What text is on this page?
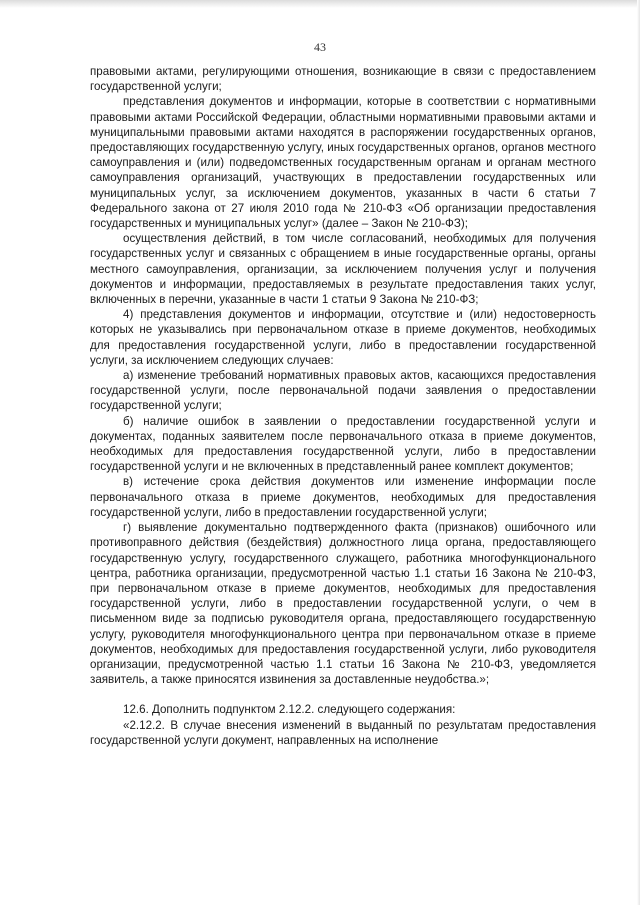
43

правовыми актами, регулирующими отношения, возникающие в связи с предоставлением государственной услуги;

представления документов и информации, которые в соответствии с нормативными правовыми актами Российской Федерации, областными нормативными правовыми актами и муниципальными правовыми актами находятся в распоряжении государственных органов, предоставляющих государственную услугу, иных государственных органов, органов местного самоуправления и (или) подведомственных государственным органам и органам местного самоуправления организаций, участвующих в предоставлении государственных или муниципальных услуг, за исключением документов, указанных в части 6 статьи 7 Федерального закона от 27 июля 2010 года № 210-ФЗ «Об организации предоставления государственных и муниципальных услуг» (далее – Закон № 210-ФЗ);

осуществления действий, в том числе согласований, необходимых для получения государственных услуг и связанных с обращением в иные государственные органы, органы местного самоуправления, организации, за исключением получения услуг и получения документов и информации, предоставляемых в результате предоставления таких услуг, включенных в перечни, указанные в части 1 статьи 9 Закона № 210-ФЗ;

4) представления документов и информации, отсутствие и (или) недостоверность которых не указывались при первоначальном отказе в приеме документов, необходимых для предоставления государственной услуги, либо в предоставлении государственной услуги, за исключением следующих случаев:

а) изменение требований нормативных правовых актов, касающихся предоставления государственной услуги, после первоначальной подачи заявления о предоставлении государственной услуги;

б) наличие ошибок в заявлении о предоставлении государственной услуги и документах, поданных заявителем после первоначального отказа в приеме документов, необходимых для предоставления государственной услуги, либо в предоставлении государственной услуги и не включенных в представленный ранее комплект документов;

в) истечение срока действия документов или изменение информации после первоначального отказа в приеме документов, необходимых для предоставления государственной услуги, либо в предоставлении государственной услуги;

г) выявление документально подтвержденного факта (признаков) ошибочного или противоправного действия (бездействия) должностного лица органа, предоставляющего государственную услугу, государственного служащего, работника многофункционального центра, работника организации, предусмотренной частью 1.1 статьи 16 Закона № 210-ФЗ, при первоначальном отказе в приеме документов, необходимых для предоставления государственной услуги, либо в предоставлении государственной услуги, о чем в письменном виде за подписью руководителя органа, предоставляющего государственную услугу, руководителя многофункционального центра при первоначальном отказе в приеме документов, необходимых для предоставления государственной услуги, либо руководителя организации, предусмотренной частью 1.1 статьи 16 Закона № 210-ФЗ, уведомляется заявитель, а также приносятся извинения за доставленные неудобства.»;

12.6. Дополнить подпунктом 2.12.2. следующего содержания:

«2.12.2. В случае внесения изменений в выданный по результатам предоставления государственной услуги документ, направленных на исполнение
